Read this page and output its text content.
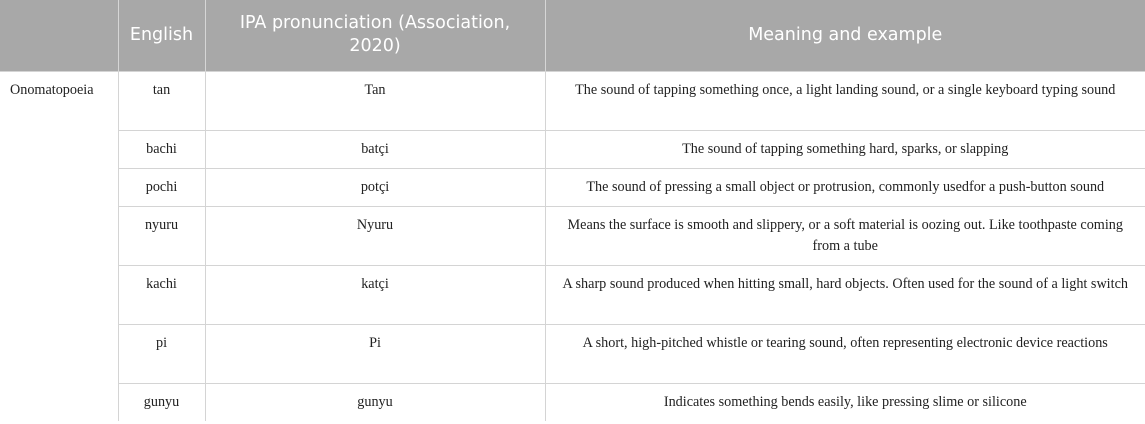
	English	IPA pronunciation (Association, 2020)	Meaning and example
Onomatopoeia	tan	Tan	The sound of tapping something once, a light landing sound, or a single keyboard typing sound
	bachi	batçi	The sound of tapping something hard, sparks, or slapping
	pochi	potçi	The sound of pressing a small object or protrusion, commonly usedfor a push-button sound
	nyuru	Nyuru	Means the surface is smooth and slippery, or a soft material is oozing out. Like toothpaste coming from a tube
	kachi	katçi	A sharp sound produced when hitting small, hard objects. Often used for the sound of a light switch
	pi	Pi	A short, high-pitched whistle or tearing sound, often representing electronic device reactions
	gunyu	gunyu	Indicates something bends easily, like pressing slime or silicone
